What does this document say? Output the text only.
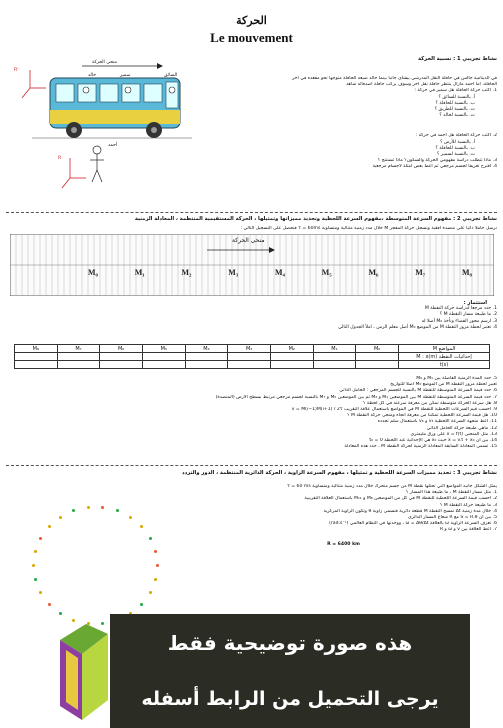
الحركة
Le mouvement
منحى الحركة
خالد	سمير	السائق
أحمد
R'
R
نشاط تجريبي 1 : نسبية الحركة
في الدينامية جالس في حافلة النقل المدرسي بيشاي جانبا بينما خالد ضيعه الحافلة متوجها نحو مقعده في آخر
الحافلة، أما أحمد مازال ينتظر حافلة نقل آخر وسوف يركب حافلة أصدقائه شاهد
1. أكتب حركة الحافلة هل سمير في حركة :
أ. بالنسبة للسائق ؟
ب. بالنسبة للحافلة ؟
ت. بالنسبة للطريق ؟
ث. بالنسبة لخالد ؟
2. أكتب حركة الحافلة هل أحمد في حركة :
أ. بالنسبة للأرض ؟
ب. بالنسبة للحافلة ؟
ت. بالنسبة لسمير ؟
3. ماذا تتطلب دراسة مفهومي الحركة والسكون؟ ماذا تستنتج ؟
4. اقترح تعريفا لجسم مرجعي ثم أعط بعض أمثلة لأجسام مرجعية
نشاط تجريبي 2 : مفهوم السرعة المتوسطة ،مفهوم السرعة اللحظية وتحديد مميزاتها وتمثيلها ، الحركة المستقيمية المنتظمة ، المعادلة الزمنية
نرسل حاملا ذاتيا على منضدة أفقية ونسجل حركة المفجر M خلال مدد زمنية متتالية ومتساوية τ = 60ms فنحصل على التسجيل التالي :
منحى الحركة
M₀	M₁	M₂	M₃	M₄	M₅	M₆	M₇	M₈
استثمار :
1. حدد مرجعا لدراسة حركة النقطة M
2. ما طبيعة مسار النقطة M ؟
3. ارسم محور الفضاء ونأخذ M₀ أصلا له
4. نعتبر لحظة مرور النقطة M من الموضع M₀ أصل معلم الزمن ، املأ الجدول التالي
M₈	M₇	M₆	M₅	M₄	M₃	M₂	M₁	M₀	المواضع M
									إحداثيات النقطة M : x(m)
									t(s)
5. حدد المدة الزمنية الفاصلة بين M₁ و M₆
تعبير لحظة مرور النقطة M من الموضع M₀ أصلا للتواريخ
6. حدد قيمة السرعة المتوسطة للنقطة M بالنسبة للجسم المرجعي : الحامل الذاتي
7. حدد قيمة السرعة المتوسطة للنقطة M بين الموضعين M₁ و M₃ ثم بين الموضعين M₅ و M₇ بالنسبة لجسم مرجعي مرتبط بسطح الأرض (المنضدة)
8. هل سرعة الحركة متوسطة تمكن من معرفة سرعته في كل لحظة ؟
9. أحسب قيم السرعات اللحظية للنقطة M في المواضع باستعمال علاقة التقريب v = M(i−1)M(i+1) / 2τ
10. هل قيمة السرعة اللحظية تمكننا من معرفة اتجاه ومنحى حركة النقطة M ؟
11. أعط متجهة السرعة اللحظية v₃ و v₆ باستعمال سلم تحدده
12. ماهي طبيعة حركة الحامل الذاتي
13. مثل المنحنى x = f(t) على ورق مليمتري
14. بين أن x = v.t + x₀ حيث x₀ هي الإحداثية عند اللحظة t₀ = 0
15. تسمى المعادلة السابقة المعادلة الزمنية لحركة النقطة M ، حدد هذه المعادلة
نشاط تجريبي 3 : تحديد مميزات السرعة اللحظية و تمثيلها ، مفهوم السرعة الزاوية ، الحركة الدائرية المنتظمة ، الدور والتردد
يمثل الشكل جانبه المواضع التي تحتلها نقطة M من جسم متحرك خلال مدد زمنية متتالية ومتساوية τ = 60 ms
1. مثل مسار النقطة M ، ما طبيعة هذا المسار ؟
2. احسب قيمة السرعة اللحظية للنقطة M في كل من الموضعين M₈ و M₁₁ باستعمال العلاقة التقريبية
3. ما طبيعة حركة النقطة M ؟
4. خلال مدة زمنية Δt تمسح النقطة M قطعة دائرية فتسمى زاوية θ وتكون الزاوية المركزية
5. بين أن S = R.θ مع R شعاع المسار الدائري
6. تعرف السرعة الزاوية ω بالعلاقة ω = Δθ/Δt ، ووحدتها في النظام العالمي (rad.s⁻¹)
7. أعط العلاقة بين v و ω و R
R = 6400 km
هذه صورة توضيحية فقط
يرجى التحميل من الرابط أسفله
